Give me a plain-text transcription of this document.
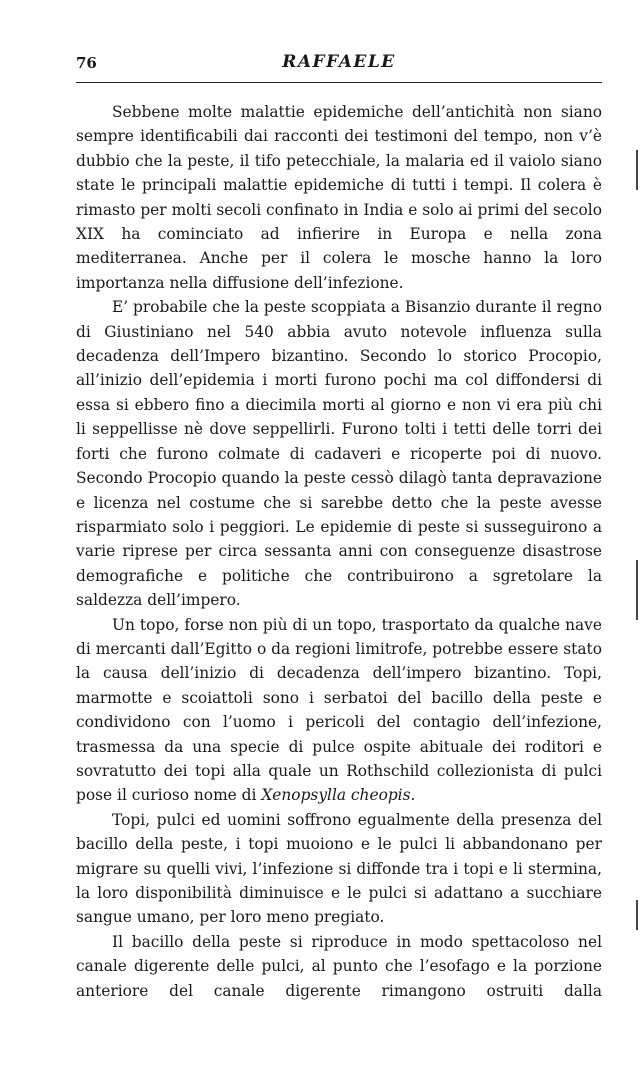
76	RAFFAELE

Sebbene molte malattie epidemiche dell’antichità non siano sempre identificabili dai racconti dei testimoni del tempo, non v’è dubbio che la peste, il tifo petecchiale, la malaria ed il vaiolo siano state le principali malattie epidemiche di tutti i tempi. Il colera è rimasto per molti secoli confinato in India e solo ai primi del secolo XIX ha cominciato ad infierire in Europa e nella zona mediterranea. Anche per il colera le mosche hanno la loro importanza nella diffusione dell’infezione.

E’ probabile che la peste scoppiata a Bisanzio durante il regno di Giustiniano nel 540 abbia avuto notevole influenza sulla decadenza dell’Impero bizantino. Secondo lo storico Procopio, all’inizio dell’epidemia i morti furono pochi ma col diffondersi di essa si ebbero fino a diecimila morti al giorno e non vi era più chi li seppellisse nè dove seppellirli. Furono tolti i tetti delle torri dei forti che furono colmate di cadaveri e ricoperte poi di nuovo. Secondo Procopio quando la peste cessò dilagò tanta depravazione e licenza nel costume che si sarebbe detto che la peste avesse risparmiato solo i peggiori. Le epidemie di peste si susseguirono a varie riprese per circa sessanta anni con conseguenze disastrose demografiche e politiche che contribuirono a sgretolare la saldezza dell’impero.

Un topo, forse non più di un topo, trasportato da qualche nave di mercanti dall’Egitto o da regioni limitrofe, potrebbe essere stato la causa dell’inizio di decadenza dell’impero bizantino. Topi, marmotte e scoiattoli sono i serbatoi del bacillo della peste e condividono con l’uomo i pericoli del contagio dell’infezione, trasmessa da una specie di pulce ospite abituale dei roditori e sovratutto dei topi alla quale un Rothschild collezionista di pulci pose il curioso nome di Xenopsylla cheopis.

Topi, pulci ed uomini soffrono egualmente della presenza del bacillo della peste, i topi muoiono e le pulci li abbandonano per migrare su quelli vivi, l’infezione si diffonde tra i topi e li stermina, la loro disponibilità diminuisce e le pulci si adattano a succhiare sangue umano, per loro meno pregiato.

Il bacillo della peste si riproduce in modo spettacoloso nel canale digerente delle pulci, al punto che l’esofago e la porzione anteriore del canale digerente rimangono ostruiti dalla
